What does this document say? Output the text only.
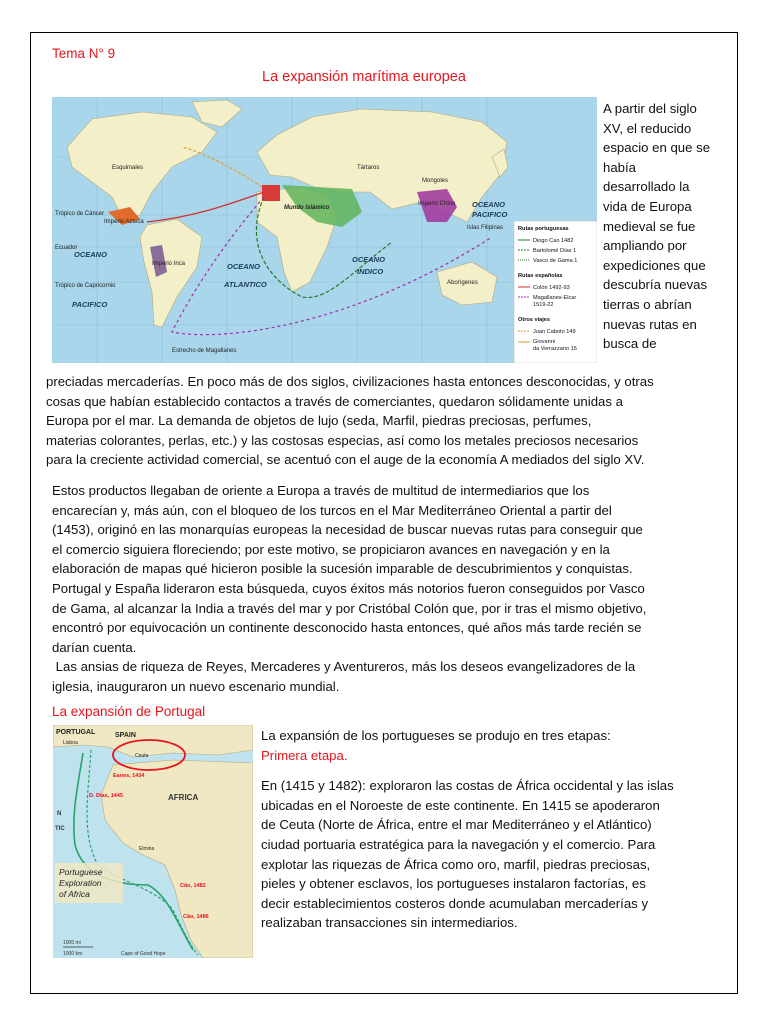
Tema N° 9
La expansión marítima europea
OCEANO
PACIFICO
OCEANO
ATLANTICO
OCEANO
INDICO
OCEANO
PACIFICO
Mundo Islámico
Imperio Azteca
Imperio Inca
Imperio Chino
Mongoles
Tártaros
Esquimales
Aborígenes
Islas Filipinas
Estrecho de Magallanes
Ecuador
Trópico de Cáncer
Trópico de Capricornio
Rutas portuguesas
Diogo Cao 1482
Bartolomé Días 1
Vasco de Gama 1
Rutas españolas
Colón 1492-93
Magallanes-Elcar
1519-22
Otros viajes
Juan Caboto 149
Giovanni
da Verrazzano 15
A partir del siglo
XV, el reducido
espacio en que se
había
desarrollado la
vida de Europa
medieval se fue
ampliando por
expediciones que
descubría nuevas
tierras o abrían
nuevas rutas en
busca de
preciadas mercaderías. En poco más de dos siglos, civilizaciones hasta entonces desconocidas, y otras
cosas que habían establecido contactos a través de comerciantes, quedaron sólidamente unidas a
Europa por el mar. La demanda de objetos de lujo (seda, Marfil, piedras preciosas, perfumes,
materias colorantes, perlas, etc.) y las costosas especias, así como los metales preciosos necesarios
para la creciente actividad comercial, se acentuó con el auge de la economía A mediados del siglo XV.
Estos productos llegaban de oriente a Europa a través de multitud de intermediarios que los
encarecían y, más aún, con el bloqueo de los turcos en el Mar Mediterráneo Oriental a partir del
(1453), originó en las monarquías europeas la necesidad de buscar nuevas rutas para conseguir que
el comercio siguiera floreciendo; por este motivo, se propiciaron avances en navegación y en la
elaboración de mapas qué hicieron posible la sucesión imparable de descubrimientos y conquistas.
Portugal y España lideraron esta búsqueda, cuyos éxitos más notorios fueron conseguidos por Vasco
de Gama, al alcanzar la India a través del mar y por Cristóbal Colón que, por ir tras el mismo objetivo,
encontró por equivocación un continente desconocido hasta entonces, qué años más tarde recién se
darían cuenta.
Las ansias de riqueza de Reyes, Mercaderes y Aventureros, más los deseos evangelizadores de la
iglesia, inauguraron un nuevo escenario mundial.
La expansión de Portugal
PORTUGAL	SPAIN
Lisboa
Ceuta
Eanes, 1434
D. Dias, 1445	AFRICA
Elmina
Cão, 1482
Cão, 1486
TIC
N
Portuguese
Exploration
of Africa
1000 mi
1000 km	Cape of Good Hope
La expansión de los portugueses se produjo en tres etapas:
Primera etapa.
En (1415 y 1482): exploraron las costas de África occidental y las islas
ubicadas en el Noroeste de este continente. En 1415 se apoderaron
de Ceuta (Norte de África, entre el mar Mediterráneo y el Atlántico)
ciudad portuaria estratégica para la navegación y el comercio. Para
explotar las riquezas de África como oro, marfil, piedras preciosas,
pieles y obtener esclavos, los portugueses instalaron factorías, es
decir establecimientos costeros donde acumulaban mercaderías y
realizaban transacciones sin intermediarios.
